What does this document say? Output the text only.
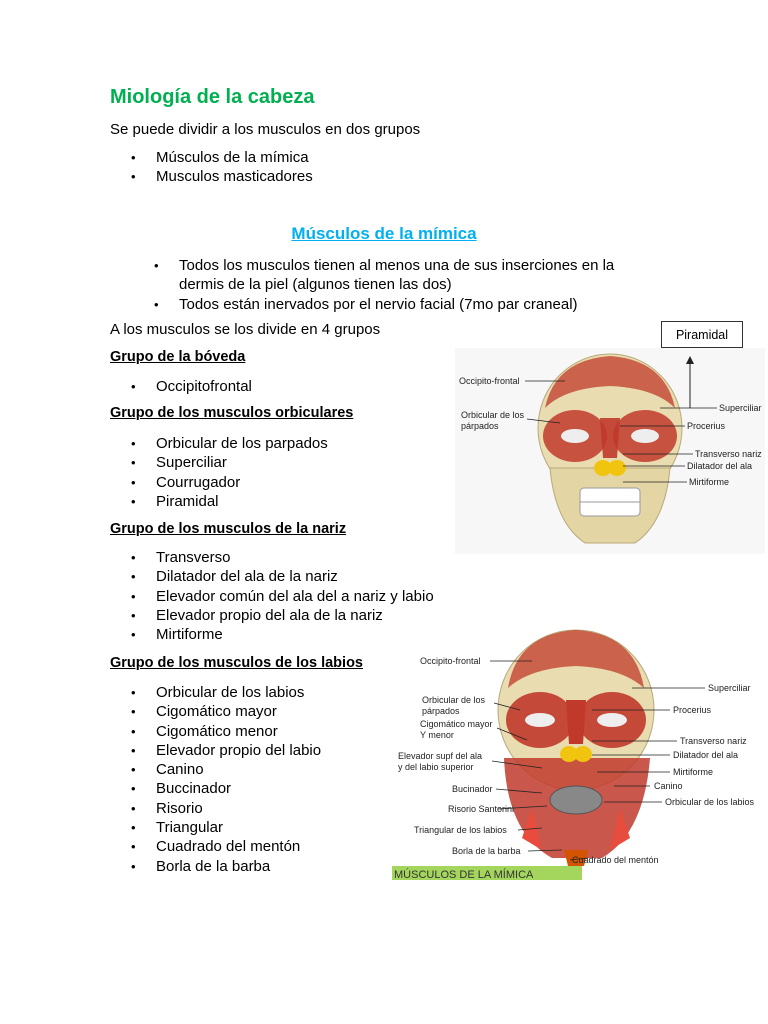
Miología de la cabeza
Se puede dividir a los musculos en dos grupos
• Músculos de la mímica
• Musculos masticadores
Músculos de la mímica
• Todos los musculos tienen al menos una de sus inserciones en la
dermis de la piel (algunos tienen las dos)
• Todos están inervados por el nervio facial (7mo par craneal)
A los musculos se los divide en 4 grupos
Grupo de la bóveda
• Occipitofrontal
Grupo de los musculos orbiculares
• Orbicular de los parpados
• Superciliar
• Courrugador
• Piramidal
Grupo de los musculos de la nariz
• Transverso
• Dilatador del ala de la nariz
• Elevador común del ala del a nariz y labio
• Elevador propio del ala de la nariz
• Mirtiforme
Grupo de los musculos de los labios
• Orbicular de los labios
• Cigomático mayor
• Cigomático menor
• Elevador propio del labio
• Canino
• Buccinador
• Risorio
• Triangular
• Cuadrado del mentón
• Borla de la barba
Piramidal
Occipito-frontal
Orbicular de los
párpados
Superciliar
Procerius
Transverso nariz
Dilatador del ala
Mirtiforme
Occipito-frontal
Orbicular de los
párpados
Cigomático mayor
Y menor
Elevador supf del ala
y del labio superior
Bucinador
Risorio Santorini
Triangular de los labios
Borla de la barba
Superciliar
Procerius
Transverso nariz
Dilatador del ala
Mirtiforme
Canino
Orbicular de los labios
Cuadrado del mentón
MÚSCULOS DE LA MÍMICA
